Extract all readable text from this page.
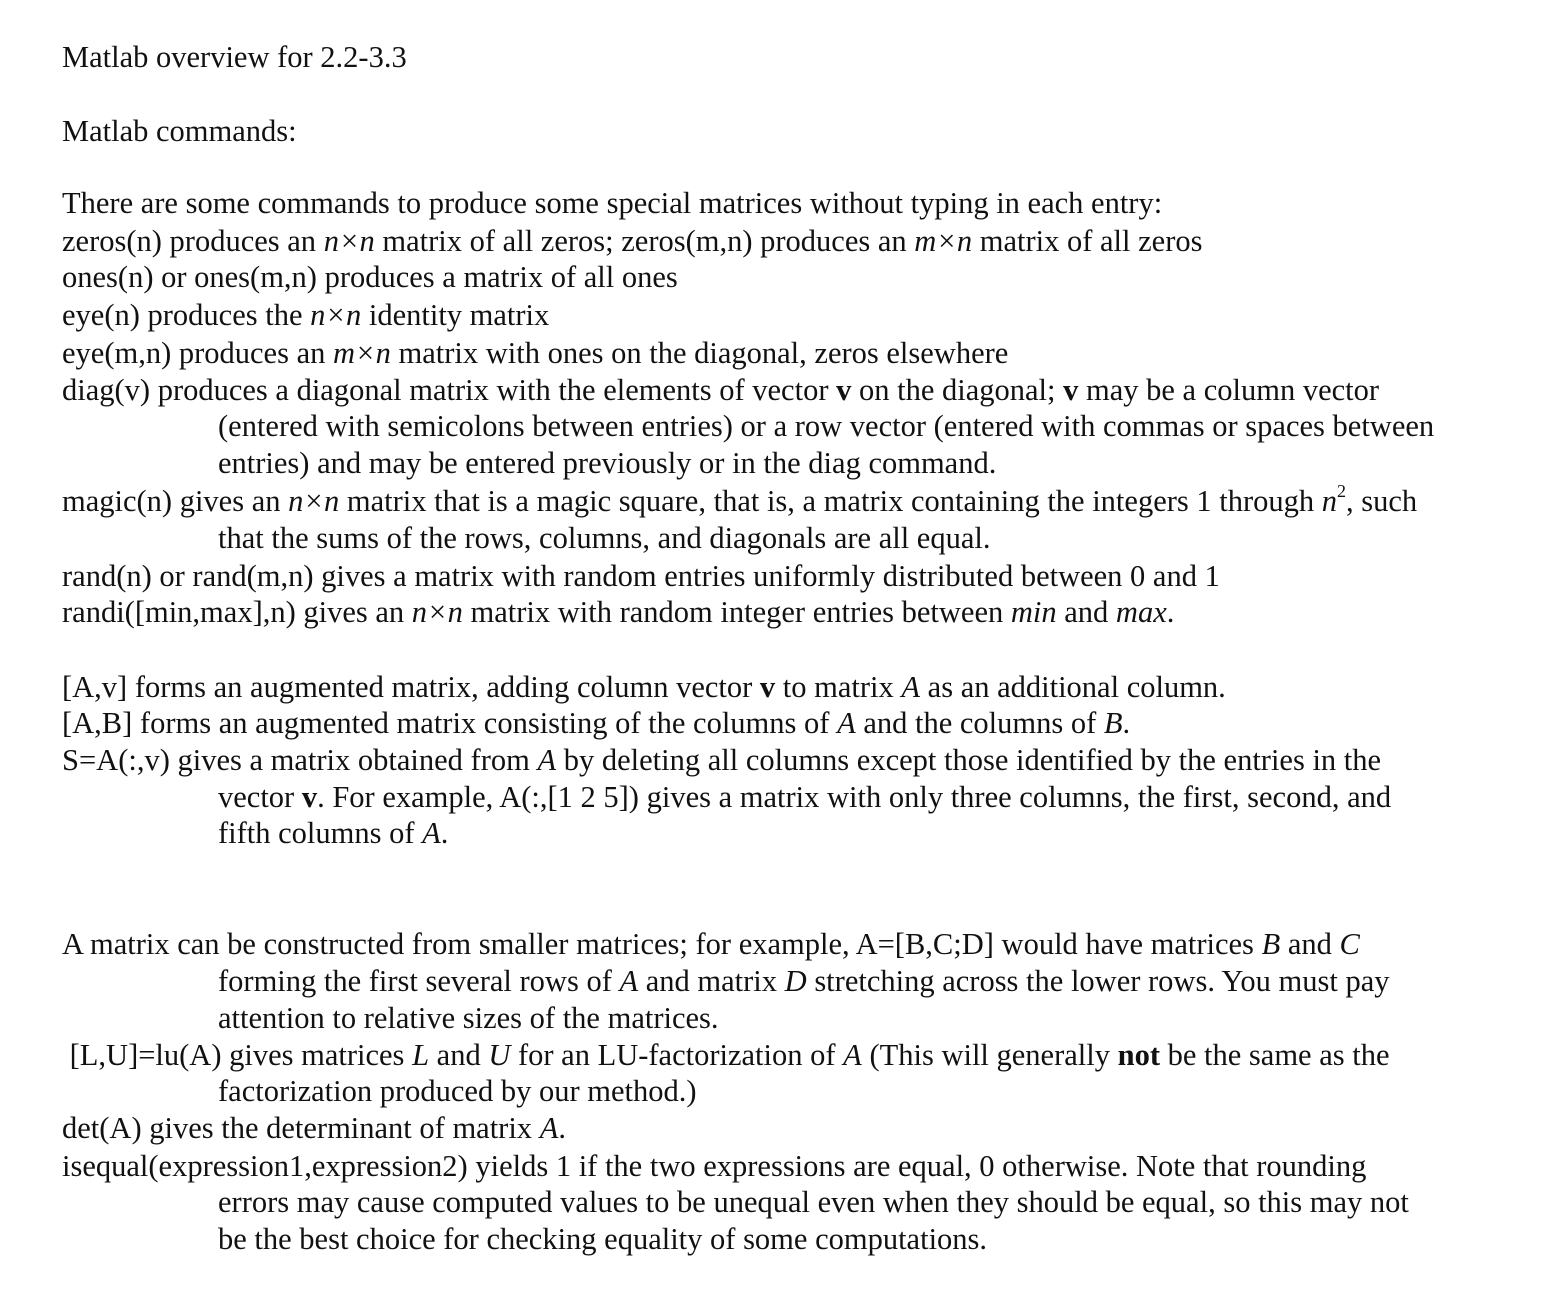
Matlab overview for 2.2-3.3
Matlab commands:
There are some commands to produce some special matrices without typing in each entry:
zeros(n) produces an n×n matrix of all zeros; zeros(m,n) produces an m×n matrix of all zeros
ones(n) or ones(m,n) produces a matrix of all ones
eye(n) produces the n×n identity matrix
eye(m,n) produces an m×n matrix with ones on the diagonal, zeros elsewhere
diag(v) produces a diagonal matrix with the elements of vector v on the diagonal; v may be a column vector
(entered with semicolons between entries) or a row vector (entered with commas or spaces between
entries) and may be entered previously or in the diag command.
magic(n) gives an n×n matrix that is a magic square, that is, a matrix containing the integers 1 through $n^2$, such
that the sums of the rows, columns, and diagonals are all equal.
rand(n) or rand(m,n) gives a matrix with random entries uniformly distributed between 0 and 1
randi([min,max],n) gives an n×n matrix with random integer entries between min and max.
[A,v] forms an augmented matrix, adding column vector v to matrix A as an additional column.
[A,B] forms an augmented matrix consisting of the columns of A and the columns of B.
S=A(:,v) gives a matrix obtained from A by deleting all columns except those identified by the entries in the
vector v. For example, A(:,[1 2 5]) gives a matrix with only three columns, the first, second, and
fifth columns of A.
A matrix can be constructed from smaller matrices; for example, A=[B,C;D] would have matrices B and C
forming the first several rows of A and matrix D stretching across the lower rows. You must pay
attention to relative sizes of the matrices.
[L,U]=lu(A) gives matrices L and U for an LU-factorization of A (This will generally not be the same as the
factorization produced by our method.)
det(A) gives the determinant of matrix A.
isequal(expression1,expression2) yields 1 if the two expressions are equal, 0 otherwise. Note that rounding
errors may cause computed values to be unequal even when they should be equal, so this may not
be the best choice for checking equality of some computations.
